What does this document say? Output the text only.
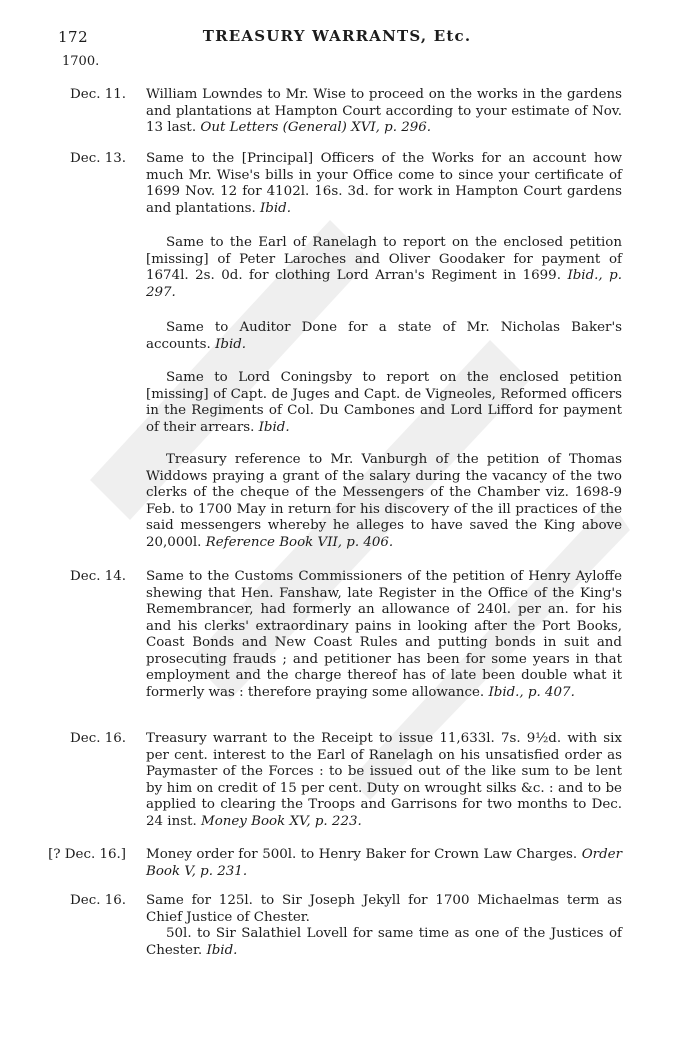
172	TREASURY WARRANTS, Etc.
1700.
Dec. 11. William Lowndes to Mr. Wise to proceed on the works in the gardens and plantations at Hampton Court according to your estimate of Nov. 13 last. Out Letters (General) XVI, p. 296.

Dec. 13. Same to the [Principal] Officers of the Works for an account how much Mr. Wise's bills in your Office come to since your certificate of 1699 Nov. 12 for 4102l. 16s. 3d. for work in Hampton Court gardens and plantations. Ibid.

Same to the Earl of Ranelagh to report on the enclosed petition [missing] of Peter Laroches and Oliver Goodaker for payment of 1674l. 2s. 0d. for clothing Lord Arran's Regiment in 1699. Ibid., p. 297.

Same to Auditor Done for a state of Mr. Nicholas Baker's accounts. Ibid.

Same to Lord Coningsby to report on the enclosed petition [missing] of Capt. de Juges and Capt. de Vigneoles, Reformed officers in the Regiments of Col. Du Cambones and Lord Lifford for payment of their arrears. Ibid.

Treasury reference to Mr. Vanburgh of the petition of Thomas Widdows praying a grant of the salary during the vacancy of the two clerks of the cheque of the Messengers of the Chamber viz. 1698-9 Feb. to 1700 May in return for his discovery of the ill practices of the said messengers whereby he alleges to have saved the King above 20,000l. Reference Book VII, p. 406.

Dec. 14. Same to the Customs Commissioners of the petition of Henry Ayloffe shewing that Hen. Fanshaw, late Register in the Office of the King's Remembrancer, had formerly an allowance of 240l. per an. for his and his clerks' extraordinary pains in looking after the Port Books, Coast Bonds and New Coast Rules and putting bonds in suit and prosecuting frauds ; and petitioner has been for some years in that employment and the charge thereof has of late been double what it formerly was : therefore praying some allowance. Ibid., p. 407.

Dec. 16. Treasury warrant to the Receipt to issue 11,633l. 7s. 9½d. with six per cent. interest to the Earl of Ranelagh on his unsatisfied order as Paymaster of the Forces : to be issued out of the like sum to be lent by him on credit of 15 per cent. Duty on wrought silks &c. : and to be applied to clearing the Troops and Garrisons for two months to Dec. 24 inst. Money Book XV, p. 223.

[? Dec. 16.] Money order for 500l. to Henry Baker for Crown Law Charges. Order Book V, p. 231.

Dec. 16. Same for 125l. to Sir Joseph Jekyll for 1700 Michaelmas term as Chief Justice of Chester.

50l. to Sir Salathiel Lovell for same time as one of the Justices of Chester. Ibid.
